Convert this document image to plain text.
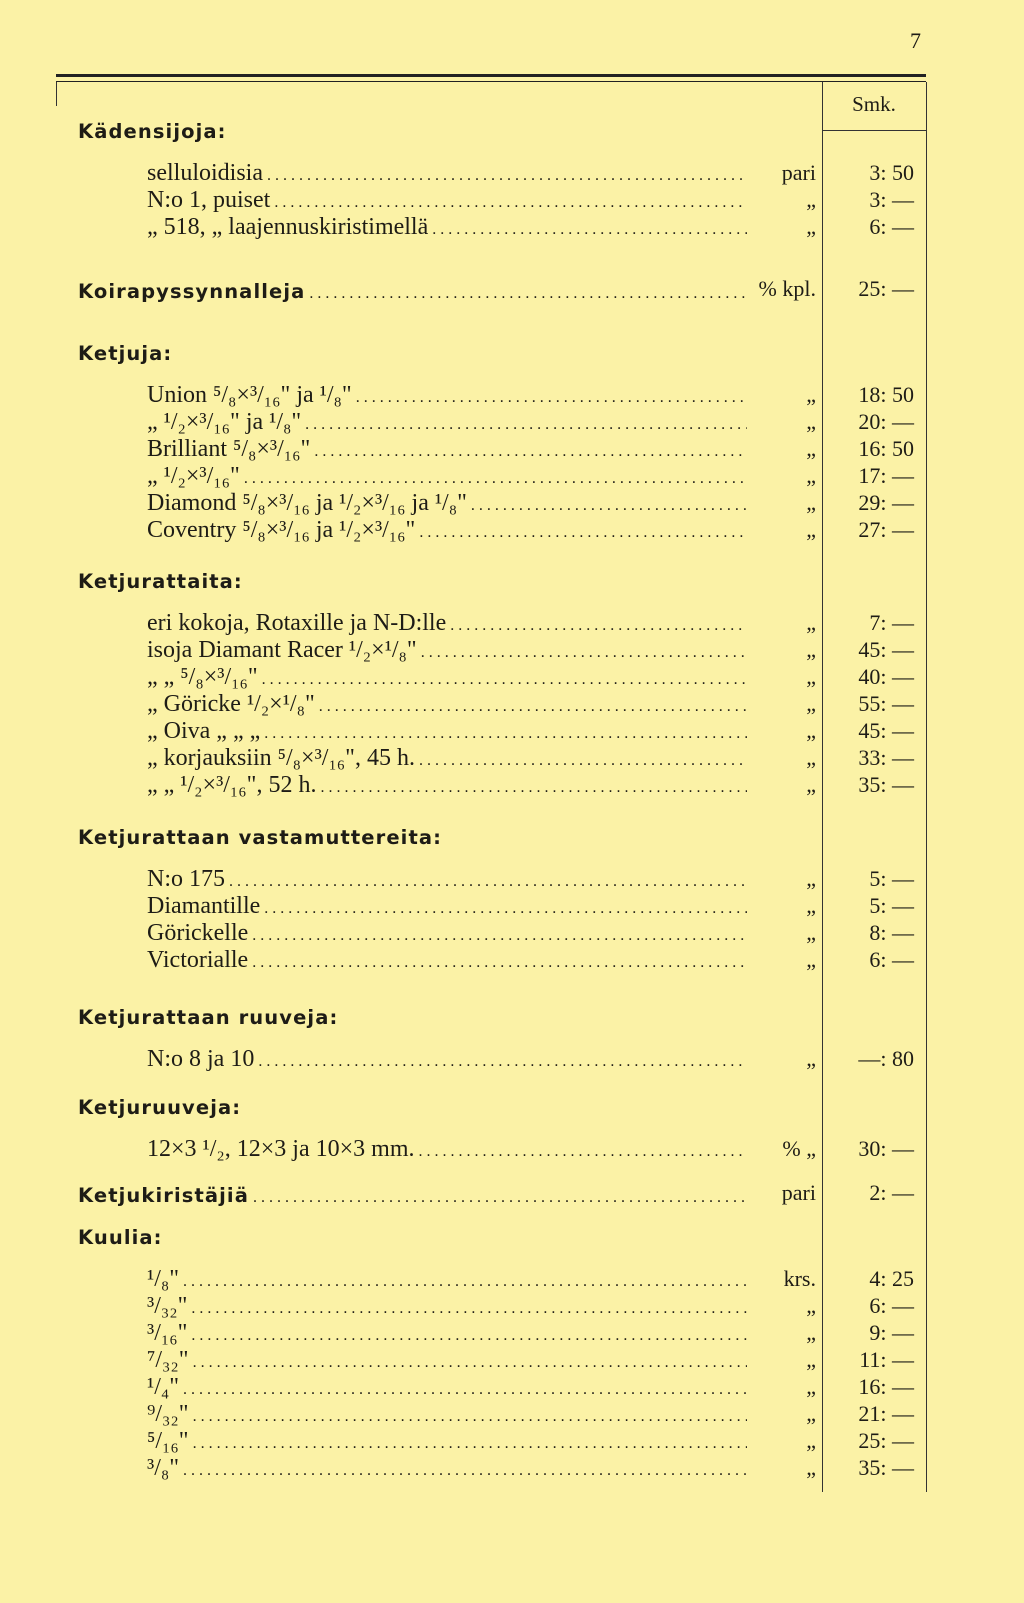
7
Smk.
Kädensijoja:
selluloidisia . . .	pari	3: 50
N:o 1, puiset . . .	„	3: —
„ 518, „ laajennuskiristimellä . . .	„	6: —
Koirapyssynnalleja . . .	% kpl.	25: —
Ketjuja:
Union ⁵/₈×³/₁₆" ja ¹/₈" . . .	„	18: 50
„ ¹/₂×³/₁₆" ja ¹/₈" . . .	„	20: —
Brilliant ⁵/₈×³/₁₆" . . .	„	16: 50
„ ¹/₂×³/₁₆" . . .	„	17: —
Diamond ⁵/₈×³/₁₆ ja ¹/₂×³/₁₆ ja ¹/₈" . . .	„	29: —
Coventry ⁵/₈×³/₁₆ ja ¹/₂×³/₁₆" . . .	„	27: —
Ketjurattaita:
eri kokoja, Rotaxille ja N-D:lle . . .	„	7: —
isoja Diamant Racer ¹/₂×¹/₈" . . .	„	45: —
„ „ ⁵/₈×³/₁₆" . . .	„	40: —
„ Göricke ¹/₂×¹/₈" . . .	„	55: —
„ Oiva „ „ „ . . .	„	45: —
„ korjauksiin ⁵/₈×³/₁₆", 45 h. . . .	„	33: —
„ „ ¹/₂×³/₁₆", 52 h. . . .	„	35: —
Ketjurattaan vastamuttereita:
N:o 175 . . .	„	5: —
Diamantille . . .	„	5: —
Görickelle . . .	„	8: —
Victorialle . . .	„	6: —
Ketjurattaan ruuveja:
N:o 8 ja 10 . . .	„	—: 80
Ketjuruuveja:
12×3 ¹/₂, 12×3 ja 10×3 mm. . . .	% „	30: —
Ketjukiristäjiä . . .	pari	2: —
Kuulia:
¹/₈" . . .	krs.	4: 25
³/₃₂" . . .	„	6: —
³/₁₆" . . .	„	9: —
⁷/₃₂" . . .	„	11: —
¹/₄" . . .	„	16: —
⁹/₃₂" . . .	„	21: —
⁵/₁₆" . . .	„	25: —
³/₈" . . .	„	35: —
